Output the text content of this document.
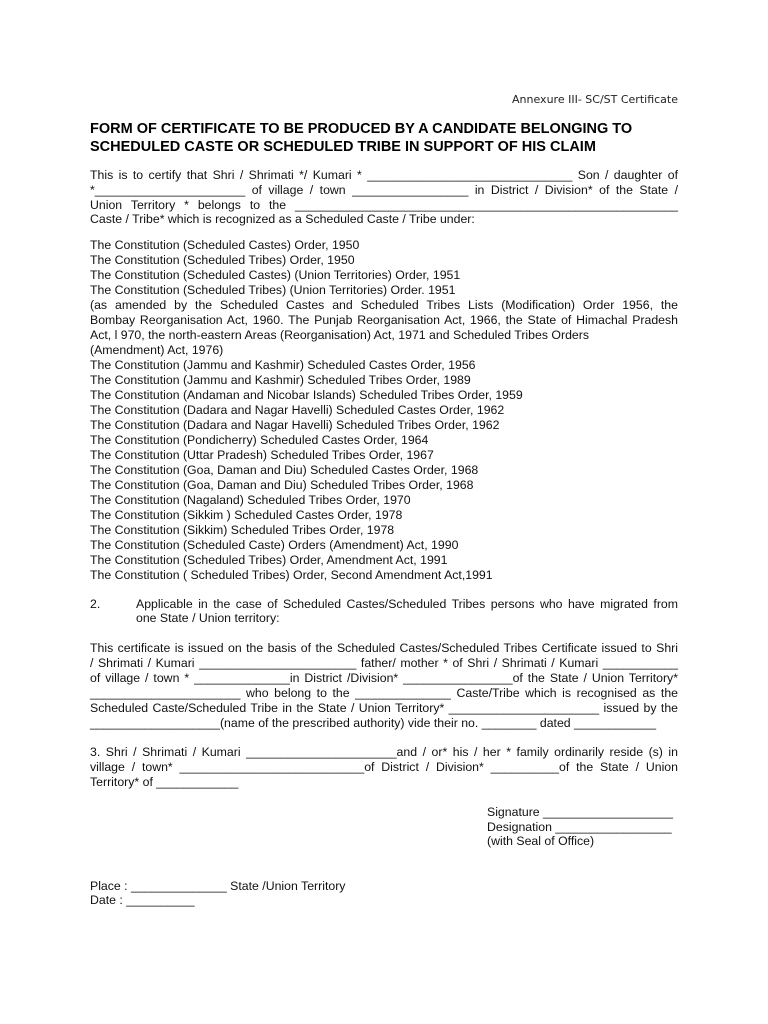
Annexure III- SC/ST Certificate
FORM OF CERTIFICATE TO BE PRODUCED BY A CANDIDATE BELONGING TO
SCHEDULED CASTE OR SCHEDULED TRIBE IN SUPPORT OF HIS CLAIM
This is to certify that Shri / Shrimati */ Kumari * ______________________________ Son / daughter of
*______________________ of village / town _________________ in District / Division* of the State /
Union Territory * belongs to the ________________________________________________________
Caste / Tribe* which is recognized as a Scheduled Caste / Tribe under:
The Constitution (Scheduled Castes) Order, 1950
The Constitution (Scheduled Tribes) Order, 1950
The Constitution (Scheduled Castes) (Union Territories) Order, 1951
The Constitution (Scheduled Tribes) (Union Territories) Order. 1951
(as amended by the Scheduled Castes and Scheduled Tribes Lists (Modification) Order 1956, the
Bombay Reorganisation Act, 1960. The Punjab Reorganisation Act, 1966, the State of Himachal Pradesh
Act, l 970, the north-eastern Areas (Reorganisation) Act, 1971 and Scheduled Tribes Orders
(Amendment) Act, 1976)
The Constitution (Jammu and Kashmir) Scheduled Castes Order, 1956
The Constitution (Jammu and Kashmir) Scheduled Tribes Order, 1989
The Constitution (Andaman and Nicobar Islands) Scheduled Tribes Order, 1959
The Constitution (Dadara and Nagar Havelli) Scheduled Castes Order, 1962
The Constitution (Dadara and Nagar Havelli) Scheduled Tribes Order, 1962
The Constitution (Pondicherry) Scheduled Castes Order, 1964
The Constitution (Uttar Pradesh) Scheduled Tribes Order, 1967
The Constitution (Goa, Daman and Diu) Scheduled Castes Order, 1968
The Constitution (Goa, Daman and Diu) Scheduled Tribes Order, 1968
The Constitution (Nagaland) Scheduled Tribes Order, 1970
The Constitution (Sikkim ) Scheduled Castes Order, 1978
The Constitution (Sikkim) Scheduled Tribes Order, 1978
The Constitution (Scheduled Caste) Orders (Amendment) Act, 1990
The Constitution (Scheduled Tribes) Order, Amendment Act, 1991
The Constitution ( Scheduled Tribes) Order, Second Amendment Act,1991
2.	Applicable in the case of Scheduled Castes/Scheduled Tribes persons who have migrated from
one State / Union territory:
This certificate is issued on the basis of the Scheduled Castes/Scheduled Tribes Certificate issued to Shri
/ Shrimati / Kumari _______________________ father/ mother * of Shri / Shrimati / Kumari ___________
of village / town * ______________in District /Division* ________________of the State / Union Territory*
______________________ who belong to the ______________ Caste/Tribe which is recognised as the
Scheduled Caste/Scheduled Tribe in the State / Union Territory* ______________________ issued by the
___________________(name of the prescribed authority) vide their no. ________ dated ____________
3. Shri / Shrimati / Kumari ______________________and / or* his / her * family ordinarily reside (s) in
village / town* ___________________________of District / Division* __________of the State / Union
Territory* of ____________
Signature ___________________
Designation _________________
(with Seal of Office)
Place : ______________ State /Union Territory
Date : __________
